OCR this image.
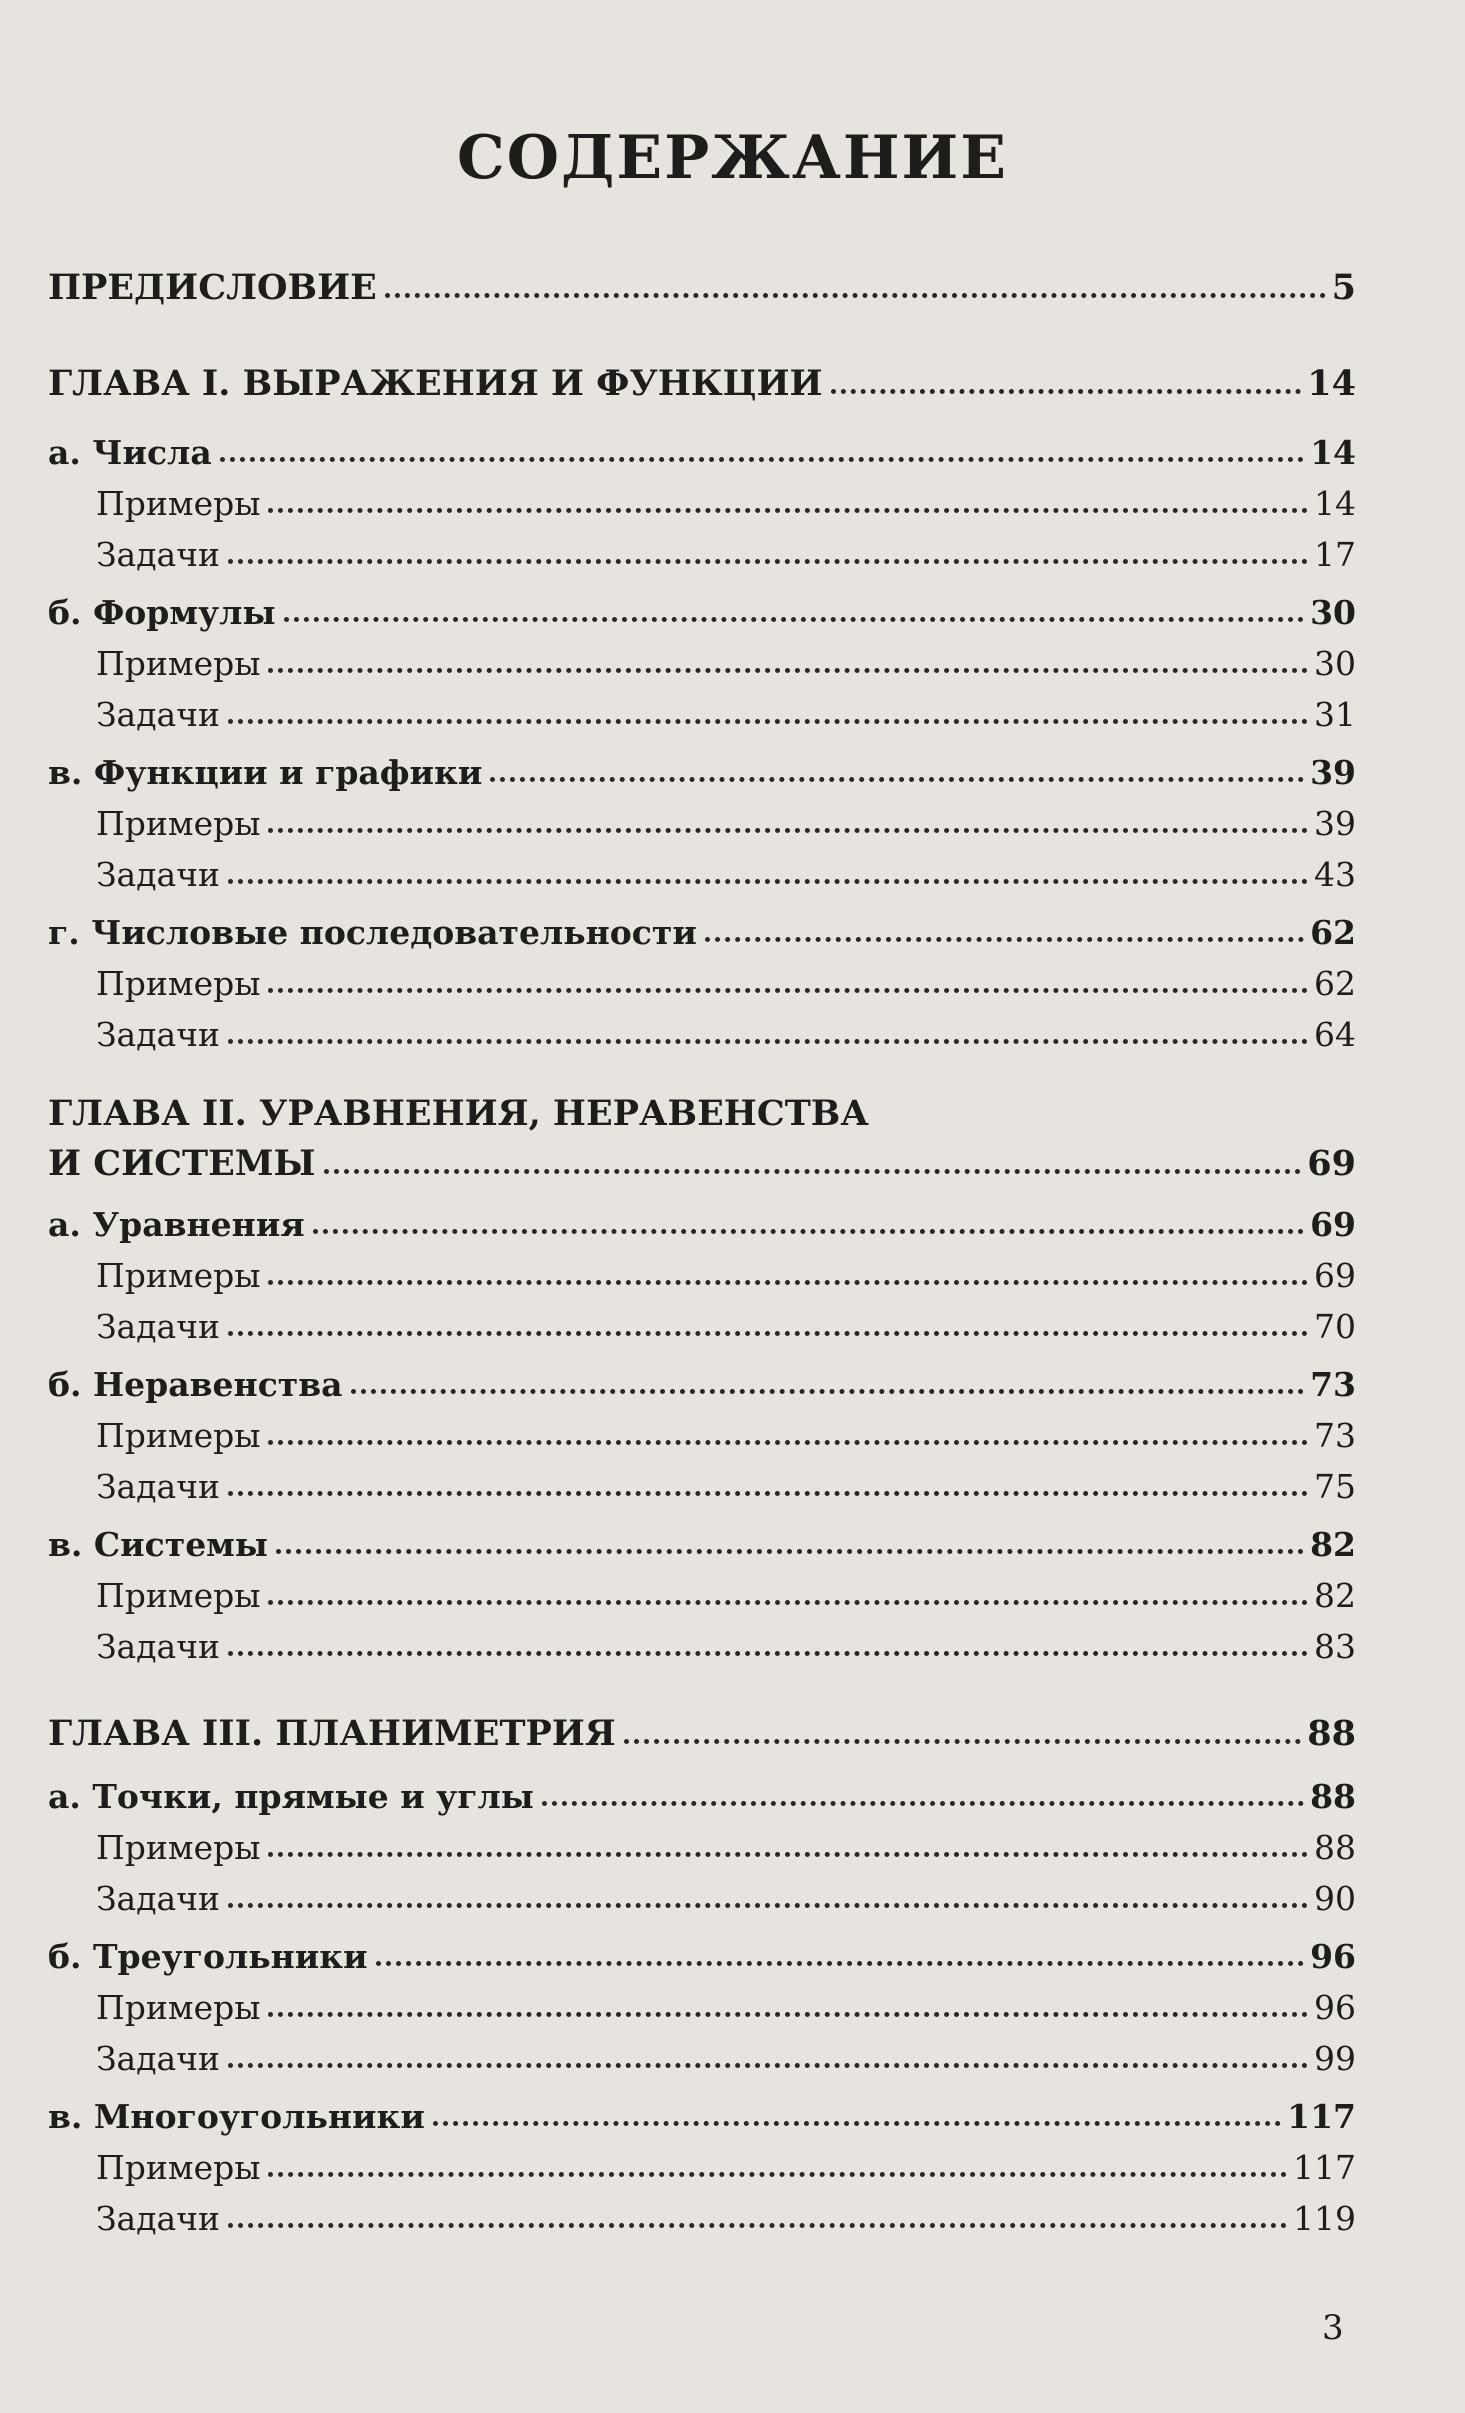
СОДЕРЖАНИЕ
ПРЕДИСЛОВИЕ	5
ГЛАВА I. ВЫРАЖЕНИЯ И ФУНКЦИИ	14
а. Числа	14
Примеры	14
Задачи	17
б. Формулы	30
Примеры	30
Задачи	31
в. Функции и графики	39
Примеры	39
Задачи	43
г. Числовые последовательности	62
Примеры	62
Задачи	64
ГЛАВА II. УРАВНЕНИЯ, НЕРАВЕНСТВА
И СИСТЕМЫ	69
а. Уравнения	69
Примеры	69
Задачи	70
б. Неравенства	73
Примеры	73
Задачи	75
в. Системы	82
Примеры	82
Задачи	83
ГЛАВА III. ПЛАНИМЕТРИЯ	88
а. Точки, прямые и углы	88
Примеры	88
Задачи	90
б. Треугольники	96
Примеры	96
Задачи	99
в. Многоугольники	117
Примеры	117
Задачи	119
3
